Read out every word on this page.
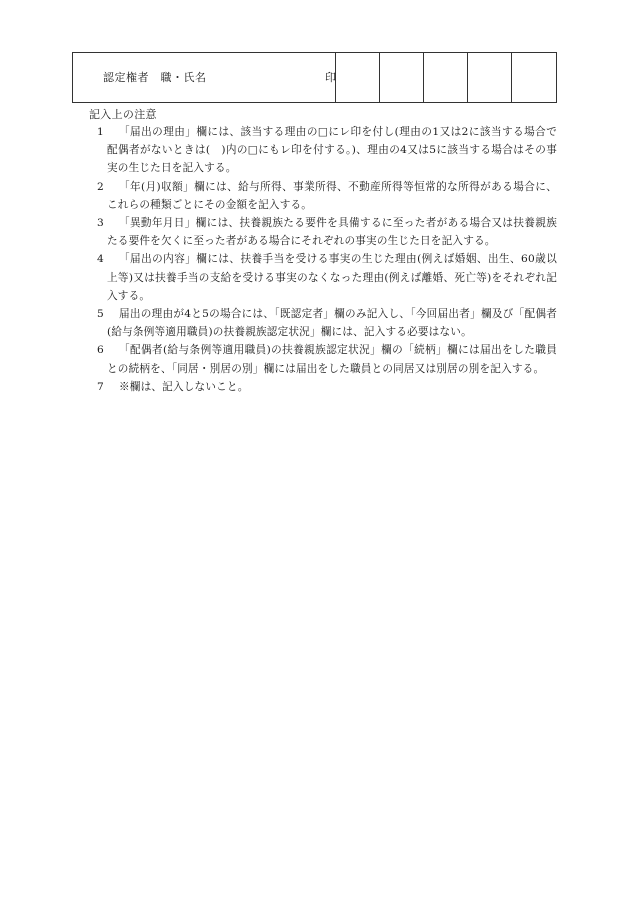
認定権者　職・氏名	印
記入上の注意
1	「届出の理由」欄には、該当する理由の□にレ印を付し(理由の1又は2に該当する場合で配偶者がないときは(　)内の□にもレ印を付する。)、理由の4又は5に該当する場合はその事実の生じた日を記入する。
2	「年(月)収額」欄には、給与所得、事業所得、不動産所得等恒常的な所得がある場合に、これらの種類ごとにその金額を記入する。
3	「異動年月日」欄には、扶養親族たる要件を具備するに至った者がある場合又は扶養親族たる要件を欠くに至った者がある場合にそれぞれの事実の生じた日を記入する。
4	「届出の内容」欄には、扶養手当を受ける事実の生じた理由(例えば婚姻、出生、60歳以上等)又は扶養手当の支給を受ける事実のなくなった理由(例えば離婚、死亡等)をそれぞれ記入する。
5	届出の理由が4と5の場合には、「既認定者」欄のみ記入し、「今回届出者」欄及び「配偶者(給与条例等適用職員)の扶養親族認定状況」欄には、記入する必要はない。
6	「配偶者(給与条例等適用職員)の扶養親族認定状況」欄の「続柄」欄には届出をした職員との続柄を、「同居・別居の別」欄には届出をした職員との同居又は別居の別を記入する。
7	※欄は、記入しないこと。
